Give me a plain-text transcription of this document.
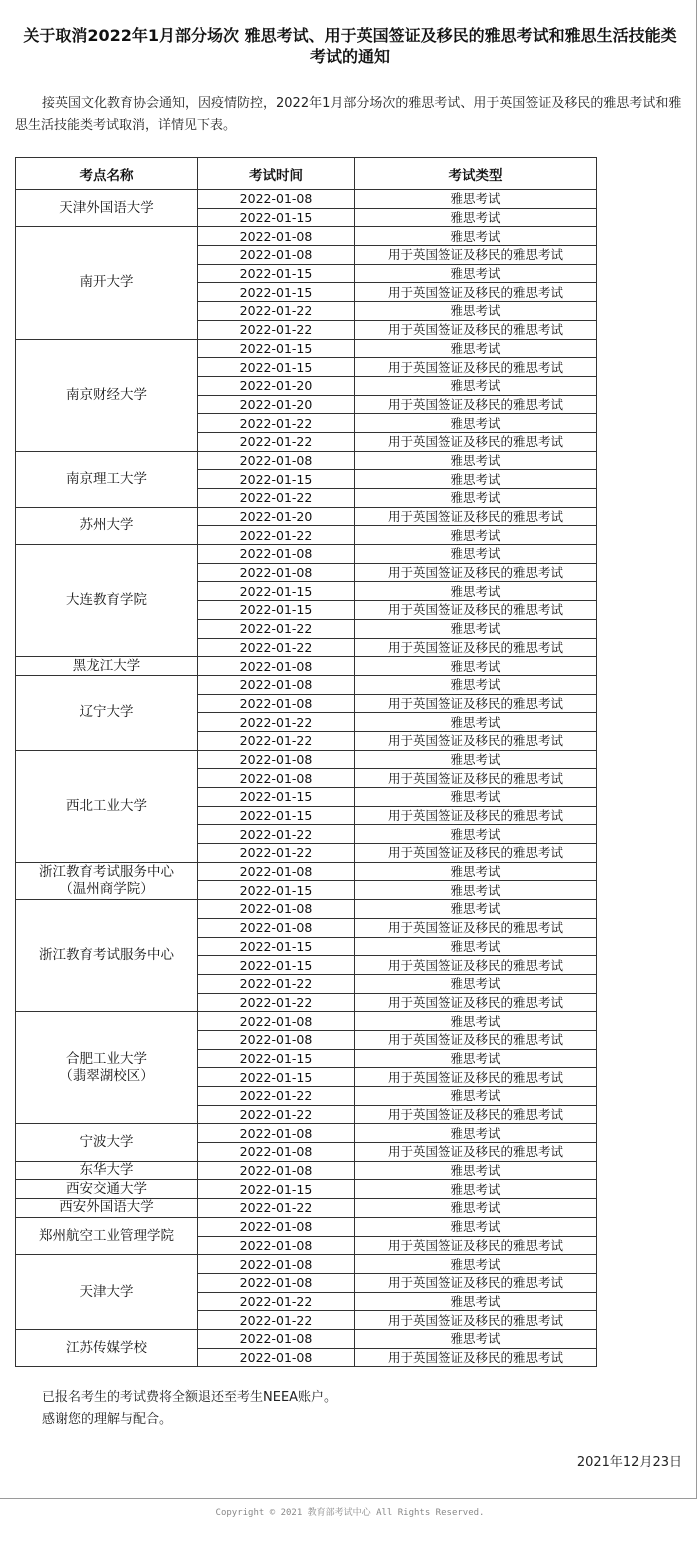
关于取消2022年1月部分场次 雅思考试、用于英国签证及移民的雅思考试和雅思生活技能类
考试的通知
接英国文化教育协会通知，因疫情防控，2022年1月部分场次的雅思考试、用于英国签证及移民的雅思考试和雅思生活技能类考试取消，详情见下表。
考点名称	考试时间	考试类型
天津外国语大学	2022-01-08	雅思考试
	2022-01-15	雅思考试
南开大学	2022-01-08	雅思考试
	2022-01-08	用于英国签证及移民的雅思考试
	2022-01-15	雅思考试
	2022-01-15	用于英国签证及移民的雅思考试
	2022-01-22	雅思考试
	2022-01-22	用于英国签证及移民的雅思考试
南京财经大学	2022-01-15	雅思考试
	2022-01-15	用于英国签证及移民的雅思考试
	2022-01-20	雅思考试
	2022-01-20	用于英国签证及移民的雅思考试
	2022-01-22	雅思考试
	2022-01-22	用于英国签证及移民的雅思考试
南京理工大学	2022-01-08	雅思考试
	2022-01-15	雅思考试
	2022-01-22	雅思考试
苏州大学	2022-01-20	用于英国签证及移民的雅思考试
	2022-01-22	雅思考试
大连教育学院	2022-01-08	雅思考试
	2022-01-08	用于英国签证及移民的雅思考试
	2022-01-15	雅思考试
	2022-01-15	用于英国签证及移民的雅思考试
	2022-01-22	雅思考试
	2022-01-22	用于英国签证及移民的雅思考试
黑龙江大学	2022-01-08	雅思考试
辽宁大学	2022-01-08	雅思考试
	2022-01-08	用于英国签证及移民的雅思考试
	2022-01-22	雅思考试
	2022-01-22	用于英国签证及移民的雅思考试
西北工业大学	2022-01-08	雅思考试
	2022-01-08	用于英国签证及移民的雅思考试
	2022-01-15	雅思考试
	2022-01-15	用于英国签证及移民的雅思考试
	2022-01-22	雅思考试
	2022-01-22	用于英国签证及移民的雅思考试
浙江教育考试服务中心
（温州商学院）	2022-01-08	雅思考试
	2022-01-15	雅思考试
浙江教育考试服务中心	2022-01-08	雅思考试
	2022-01-08	用于英国签证及移民的雅思考试
	2022-01-15	雅思考试
	2022-01-15	用于英国签证及移民的雅思考试
	2022-01-22	雅思考试
	2022-01-22	用于英国签证及移民的雅思考试
合肥工业大学
（翡翠湖校区）	2022-01-08	雅思考试
	2022-01-08	用于英国签证及移民的雅思考试
	2022-01-15	雅思考试
	2022-01-15	用于英国签证及移民的雅思考试
	2022-01-22	雅思考试
	2022-01-22	用于英国签证及移民的雅思考试
宁波大学	2022-01-08	雅思考试
	2022-01-08	用于英国签证及移民的雅思考试
东华大学	2022-01-08	雅思考试
西安交通大学	2022-01-15	雅思考试
西安外国语大学	2022-01-22	雅思考试
郑州航空工业管理学院	2022-01-08	雅思考试
	2022-01-08	用于英国签证及移民的雅思考试
天津大学	2022-01-08	雅思考试
	2022-01-08	用于英国签证及移民的雅思考试
	2022-01-22	雅思考试
	2022-01-22	用于英国签证及移民的雅思考试
江苏传媒学校	2022-01-08	雅思考试
	2022-01-08	用于英国签证及移民的雅思考试
已报名考生的考试费将全额退还至考生NEEA账户。
感谢您的理解与配合。
2021年12月23日
Copyright © 2021 教育部考试中心 All Rights Reserved.
